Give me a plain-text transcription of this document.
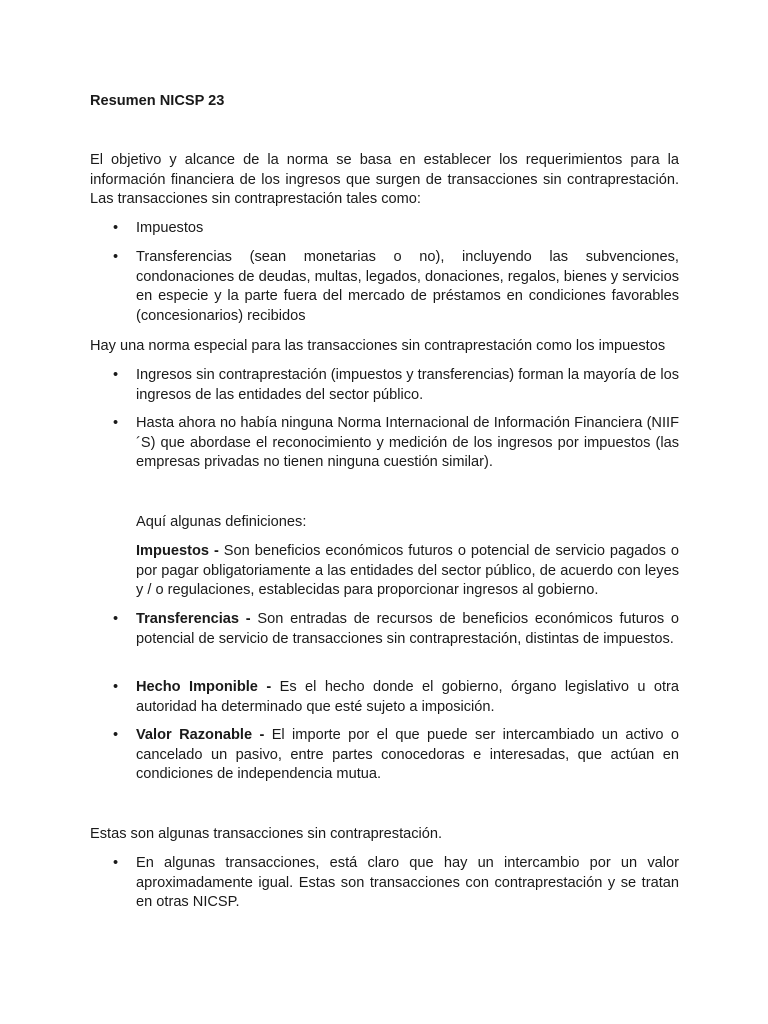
Resumen NICSP 23

El objetivo y alcance de la norma se basa en establecer los requerimientos para la información financiera de los ingresos que surgen de transacciones sin contraprestación. Las transacciones sin contraprestación tales como:

• Impuestos
• Transferencias (sean monetarias o no), incluyendo las subvenciones, condonaciones de deudas, multas, legados, donaciones, regalos, bienes y servicios en especie y la parte fuera del mercado de préstamos en condiciones favorables (concesionarios) recibidos
Hay una norma especial para las transacciones sin contraprestación como los impuestos
• Ingresos sin contraprestación (impuestos y transferencias) forman la mayoría de los ingresos de las entidades del sector público.
• Hasta ahora no había ninguna Norma Internacional de Información Financiera (NIIF´S) que abordase el reconocimiento y medición de los ingresos por impuestos (las empresas privadas no tienen ninguna cuestión similar).
Aquí algunas definiciones:
Impuestos - Son beneficios económicos futuros o potencial de servicio pagados o por pagar obligatoriamente a las entidades del sector público, de acuerdo con leyes y / o regulaciones, establecidas para proporcionar ingresos al gobierno.
• Transferencias - Son entradas de recursos de beneficios económicos futuros o potencial de servicio de transacciones sin contraprestación, distintas de impuestos.
• Hecho Imponible - Es el hecho donde el gobierno, órgano legislativo u otra autoridad ha determinado que esté sujeto a imposición.
• Valor Razonable - El importe por el que puede ser intercambiado un activo o cancelado un pasivo, entre partes conocedoras e interesadas, que actúan en condiciones de independencia mutua.
Estas son algunas transacciones sin contraprestación.
• En algunas transacciones, está claro que hay un intercambio por un valor aproximadamente igual. Estas son transacciones con contraprestación y se tratan en otras NICSP.
